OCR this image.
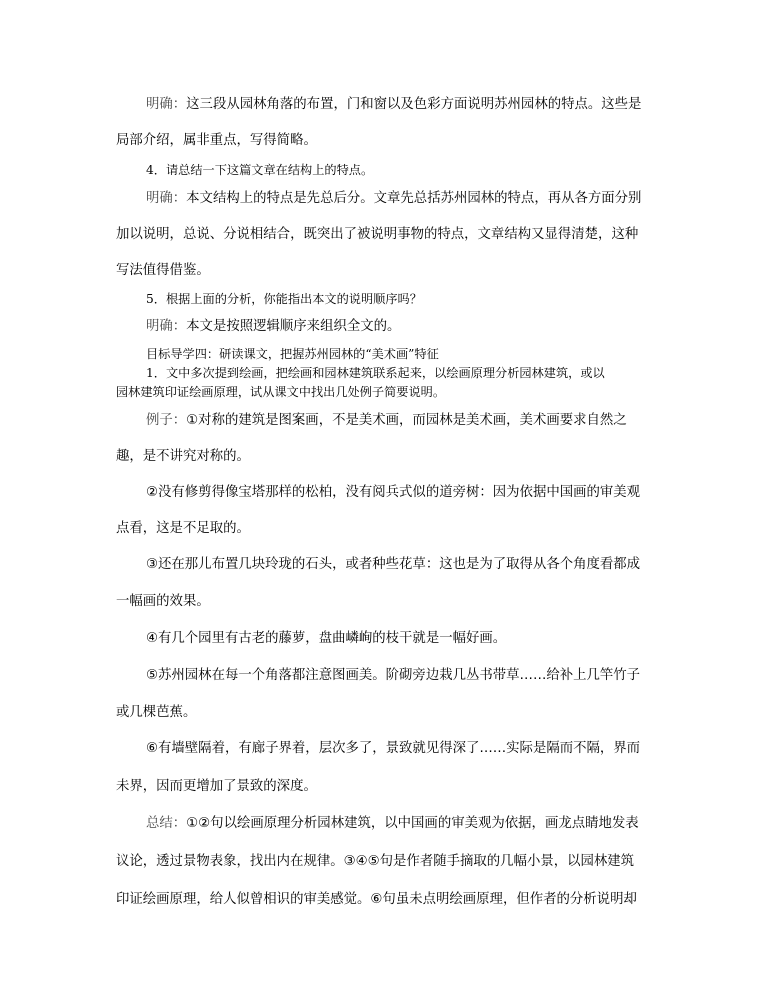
明确：这三段从园林角落的布置，门和窗以及色彩方面说明苏州园林的特点。这些是
局部介绍，属非重点，写得简略。
4．请总结一下这篇文章在结构上的特点。
明确：本文结构上的特点是先总后分。文章先总括苏州园林的特点，再从各方面分别
加以说明，总说、分说相结合，既突出了被说明事物的特点，文章结构又显得清楚，这种
写法值得借鉴。
5．根据上面的分析，你能指出本文的说明顺序吗？
明确：本文是按照逻辑顺序来组织全文的。
目标导学四：研读课文，把握苏州园林的“美术画”特征
1．文中多次提到绘画，把绘画和园林建筑联系起来，以绘画原理分析园林建筑，或以
园林建筑印证绘画原理，试从课文中找出几处例子简要说明。
例子：①对称的建筑是图案画，不是美术画，而园林是美术画，美术画要求自然之
趣，是不讲究对称的。
②没有修剪得像宝塔那样的松柏，没有阅兵式似的道旁树：因为依据中国画的审美观
点看，这是不足取的。
③还在那儿布置几块玲珑的石头，或者种些花草：这也是为了取得从各个角度看都成
一幅画的效果。
④有几个园里有古老的藤萝，盘曲嶙峋的枝干就是一幅好画。
⑤苏州园林在每一个角落都注意图画美。阶砌旁边栽几丛书带草……给补上几竿竹子
或几棵芭蕉。
⑥有墙壁隔着，有廊子界着，层次多了，景致就见得深了……实际是隔而不隔，界而
未界，因而更增加了景致的深度。
总结：①②句以绘画原理分析园林建筑，以中国画的审美观为依据，画龙点睛地发表
议论，透过景物表象，找出内在规律。③④⑤句是作者随手摘取的几幅小景，以园林建筑
印证绘画原理，给人似曾相识的审美感觉。⑥句虽未点明绘画原理，但作者的分析说明却
